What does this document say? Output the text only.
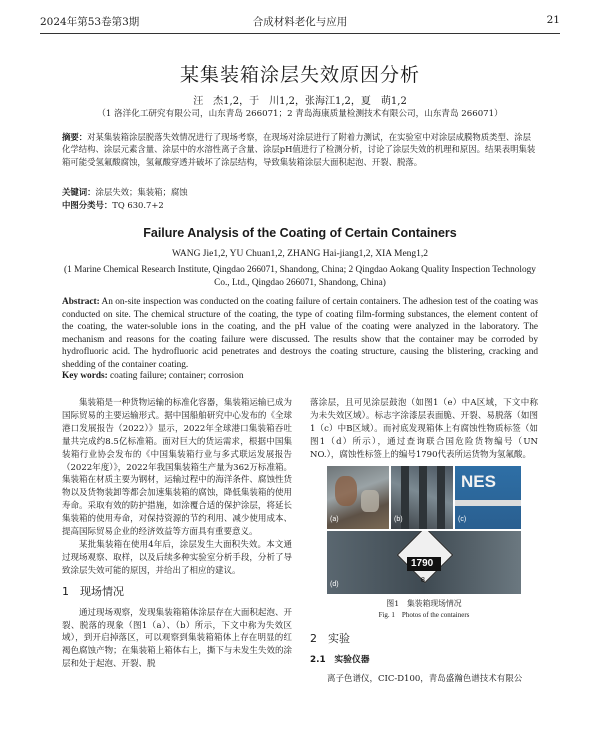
2024年第53卷第3期	合成材料老化与应用	21
某集装箱涂层失效原因分析
汪　杰1,2，于　川1,2，张海江1,2，夏　萌1,2
（1 洛洋化工研究有限公司，山东青岛 266071；2 青岛海康质量检测技术有限公司，山东青岛 266071）
摘要：对某集装箱涂层脱落失效情况进行了现场考察，在现场对涂层进行了附着力测试，在实验室中对涂层成膜物质类型、涂层化学结构、涂层元素含量、涂层中的水溶性离子含量、涂层pH值进行了检测分析，讨论了涂层失效的机理和原因。结果表明集装箱可能受氢氟酸腐蚀，氢氟酸穿透并破坏了涂层结构，导致集装箱涂层大面积起泡、开裂、脱落。
关键词：涂层失效；集装箱；腐蚀
中图分类号：TQ 630.7+2
Failure Analysis of the Coating of Certain Containers
WANG Jie1,2, YU Chuan1,2, ZHANG Hai-jiang1,2, XIA Meng1,2
(1 Marine Chemical Research Institute, Qingdao 266071, Shandong, China; 2 Qingdao Aokang Quality Inspection Technology Co., Ltd., Qingdao 266071, Shandong, China)
Abstract: An on-site inspection was conducted on the coating failure of certain containers. The adhesion test of the coating was conducted on site. The chemical structure of the coating, the type of coating film-forming substances, the element content of the coating, the water-soluble ions in the coating, and the pH value of the coating were analyzed in the laboratory. The mechanism and reasons for the coating failure were discussed. The results show that the container may be corroded by hydrofluoric acid. The hydrofluoric acid penetrates and destroys the coating structure, causing the blistering, cracking and shedding of the container coating.
Key words: coating failure; container; corrosion

集装箱是一种货物运输的标准化容器，集装箱运输已成为国际贸易的主要运输形式。据中国船舶研究中心发布的《全球港口发展报告（2022）》显示，2022年全球港口集装箱吞吐量共完成约8.5亿标准箱。面对巨大的货运需求，根据中国集装箱行业协会发布的《中国集装箱行业与多式联运发展报告（2022年度）》，2022年我国集装箱生产量为362万标准箱。集装箱在材质主要为钢材，运输过程中的海洋条件、腐蚀性货物以及货物装卸等都会加速集装箱的腐蚀，降低集装箱的使用寿命。采取有效的防护措施，如涂覆合适的保护涂层，将延长集装箱的使用寿命，对保持资源的节约利用、减少使用成本、提高国际贸易企业的经济效益等方面具有重要意义。

某批集装箱在使用4年后，涂层发生大面积失效。本文通过现场观察、取样，以及后续多种实验室分析手段，分析了导致涂层失效可能的原因，并给出了相应的建议。

1　现场情况

通过现场观察，发现集装箱箱体涂层存在大面积起泡、开裂、脱落的现象（图1（a）、（b）所示，下文中称为失效区域），到开启掉落区，可以观察到集装箱箱体上存在明显的红褐色腐蚀产物；在集装箱上箱体右上，撕下与未发生失效的涂层和处于起泡、开裂、脱

落涂层，且可见涂层鼓泡（如图1（e）中A区域，下文中称为未失效区域）。标志字涂漆层表面脆、开裂、易脱落（如图1（c）中B区域）。而衬底发现箱体上有腐蚀性物质标签（如图1（d）所示），通过查询联合国危险货物编号（UN NO.），腐蚀性标签上的编号1790代表所运货物为氢氟酸。

(a)	(b)
NES
(c)
1790
8
(d)
图1　集装箱现场情况
Fig. 1　Photos of the containers
2　实验
2.1　实验仪器

离子色谱仪，CIC-D100，青岛盛瀚色谱技术有限公
